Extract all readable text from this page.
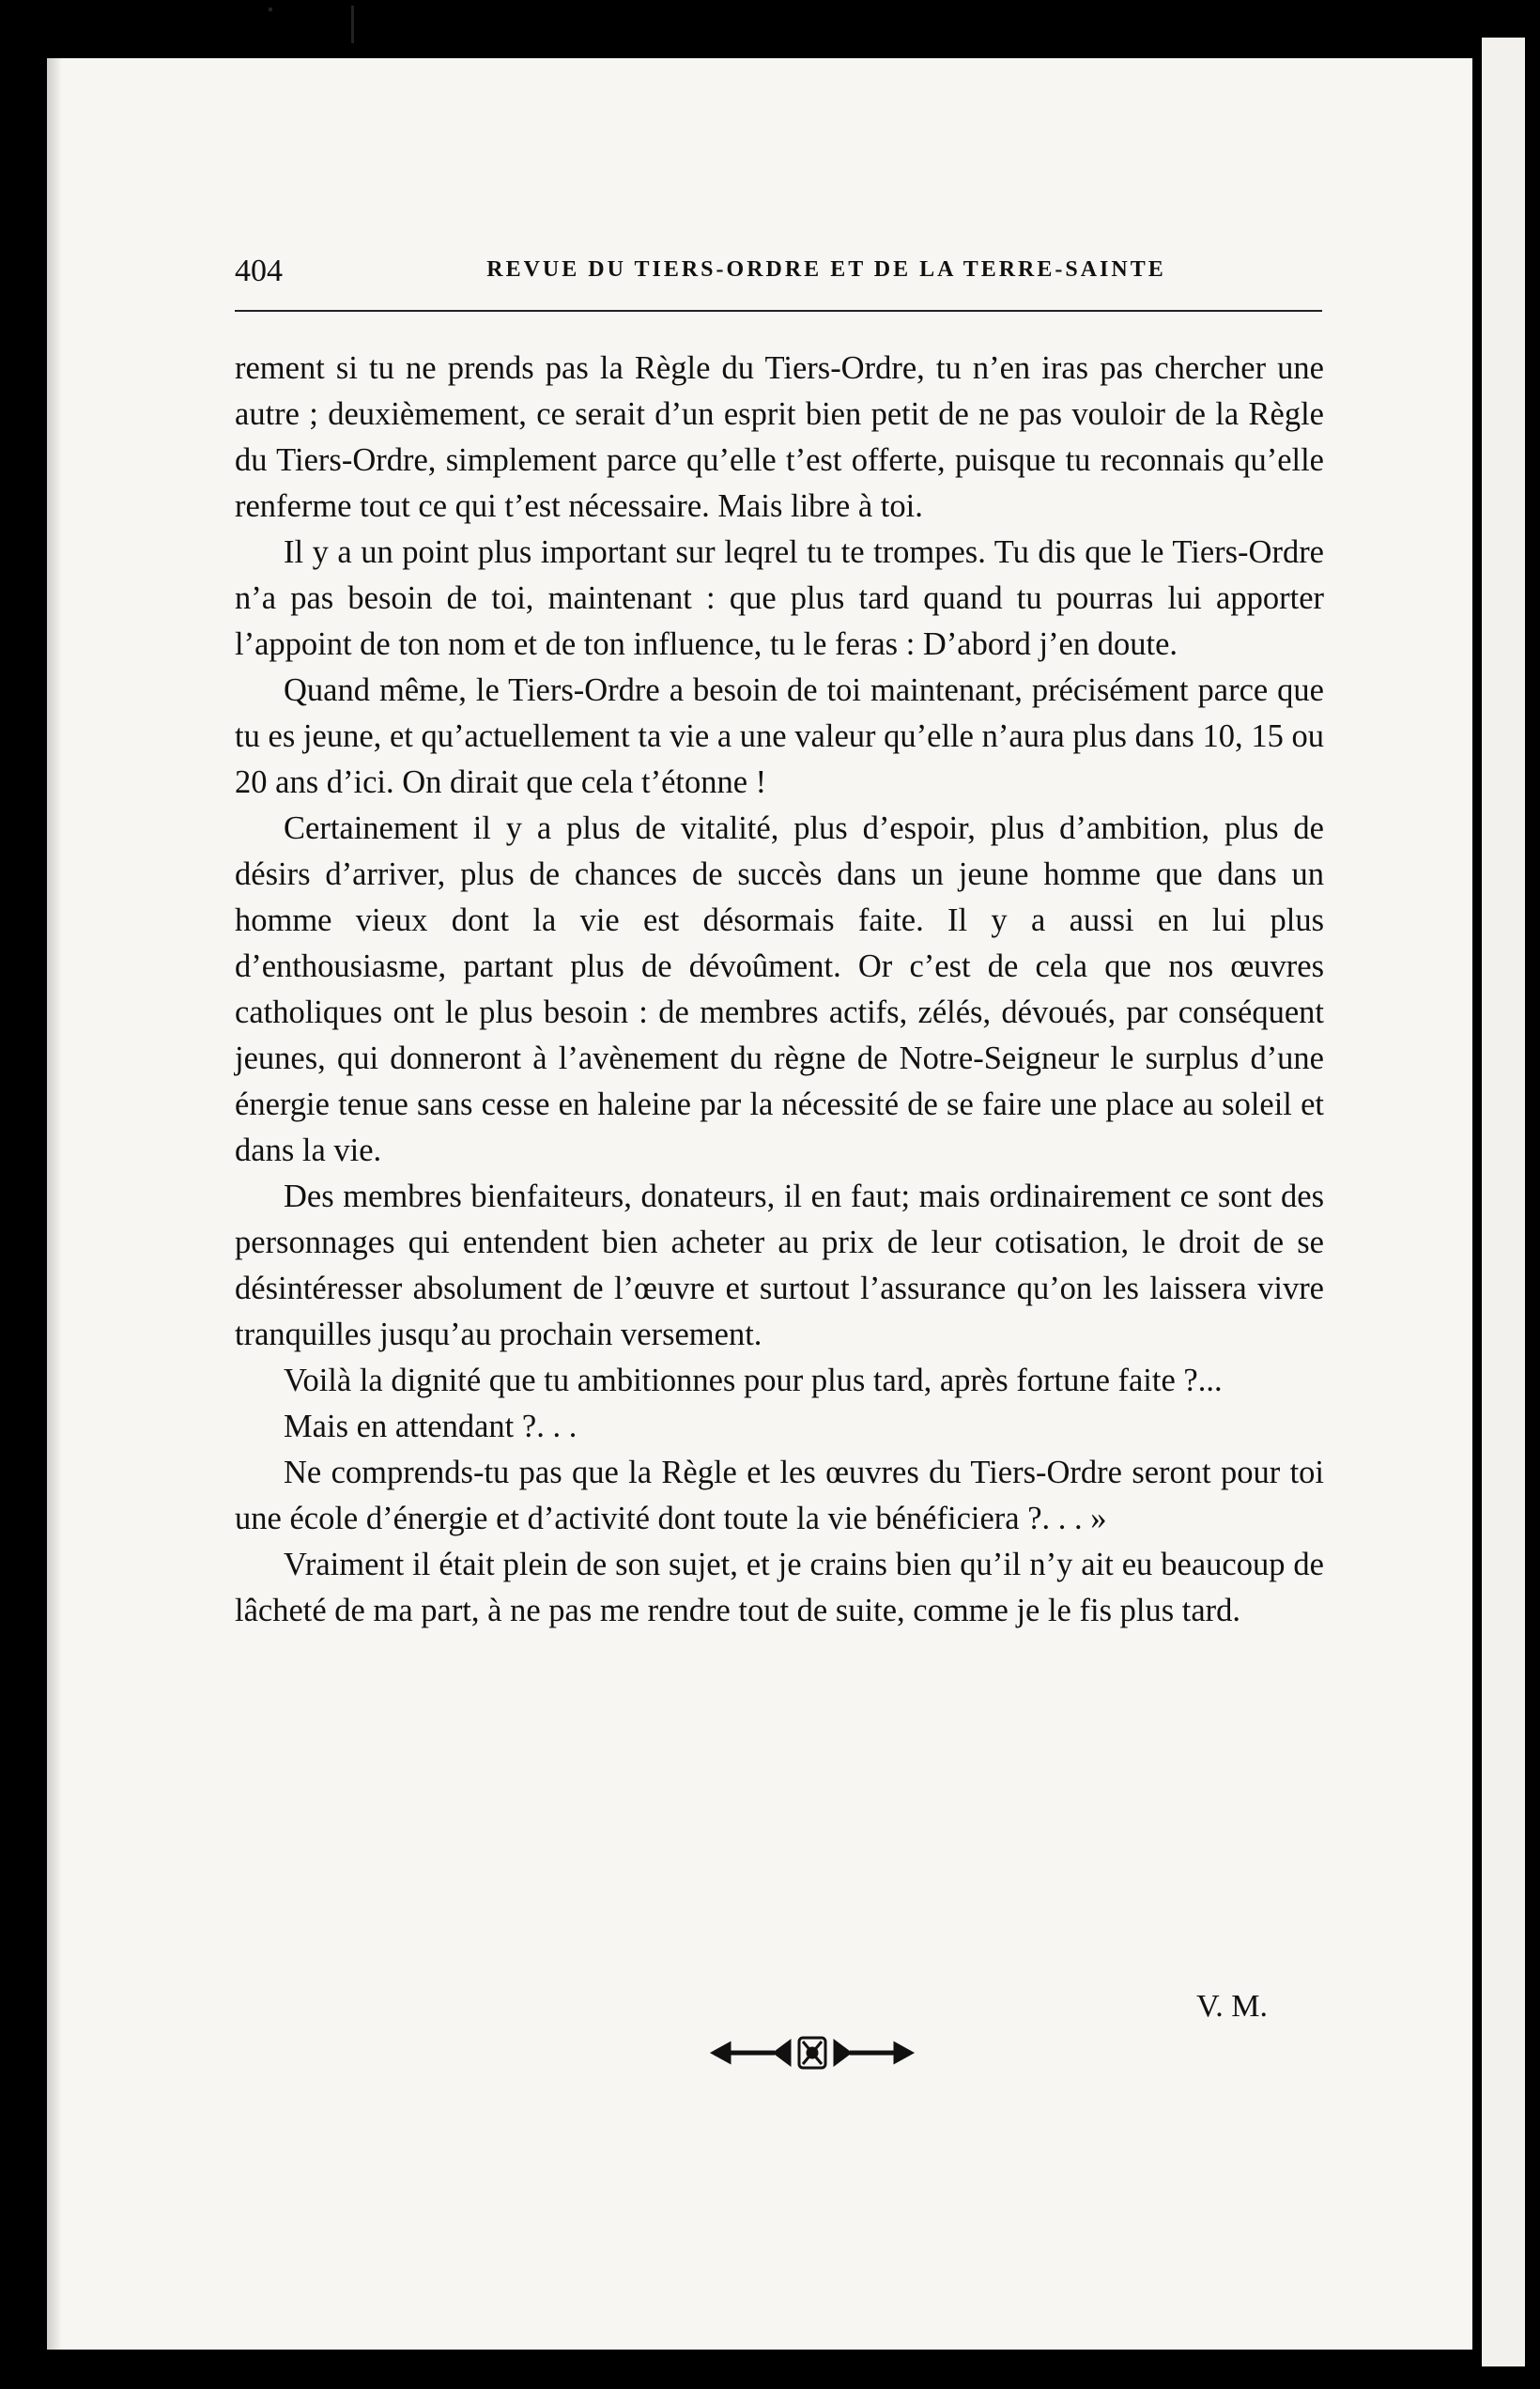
404	REVUE DU TIERS-ORDRE ET DE LA TERRE-SAINTE

rement si tu ne prends pas la Règle du Tiers-Ordre, tu n’en iras pas chercher une autre ; deuxièmement, ce serait d’un esprit bien petit de ne pas vouloir de la Règle du Tiers-Ordre, simplement parce qu’elle t’est offerte, puisque tu reconnais qu’elle renferme tout ce qui t’est nécessaire. Mais libre à toi.

Il y a un point plus important sur leqrel tu te trompes. Tu dis que le Tiers-Ordre n’a pas besoin de toi, maintenant : que plus tard quand tu pourras lui apporter l’appoint de ton nom et de ton influence, tu le feras : D’abord j’en doute.

Quand même, le Tiers-Ordre a besoin de toi maintenant, précisément parce que tu es jeune, et qu’actuellement ta vie a une valeur qu’elle n’aura plus dans 10, 15 ou 20 ans d’ici. On dirait que cela t’étonne !

Certainement il y a plus de vitalité, plus d’espoir, plus d’ambition, plus de désirs d’arriver, plus de chances de succès dans un jeune homme que dans un homme vieux dont la vie est désormais faite. Il y a aussi en lui plus d’enthousiasme, partant plus de dévoûment. Or c’est de cela que nos œuvres catholiques ont le plus besoin : de membres actifs, zélés, dévoués, par conséquent jeunes, qui donneront à l’avènement du règne de Notre-Seigneur le surplus d’une énergie tenue sans cesse en haleine par la nécessité de se faire une place au soleil et dans la vie.

Des membres bienfaiteurs, donateurs, il en faut; mais ordinairement ce sont des personnages qui entendent bien acheter au prix de leur cotisation, le droit de se désintéresser absolument de l’œuvre et surtout l’assurance qu’on les laissera vivre tranquilles jusqu’au prochain versement.

Voilà la dignité que tu ambitionnes pour plus tard, après fortune faite ?...

Mais en attendant ?. . .

Ne comprends-tu pas que la Règle et les œuvres du Tiers-Ordre seront pour toi une école d’énergie et d’activité dont toute la vie bénéficiera ?. . . »

Vraiment il était plein de son sujet, et je crains bien qu’il n’y ait eu beaucoup de lâcheté de ma part, à ne pas me rendre tout de suite, comme je le fis plus tard.

V. M.
